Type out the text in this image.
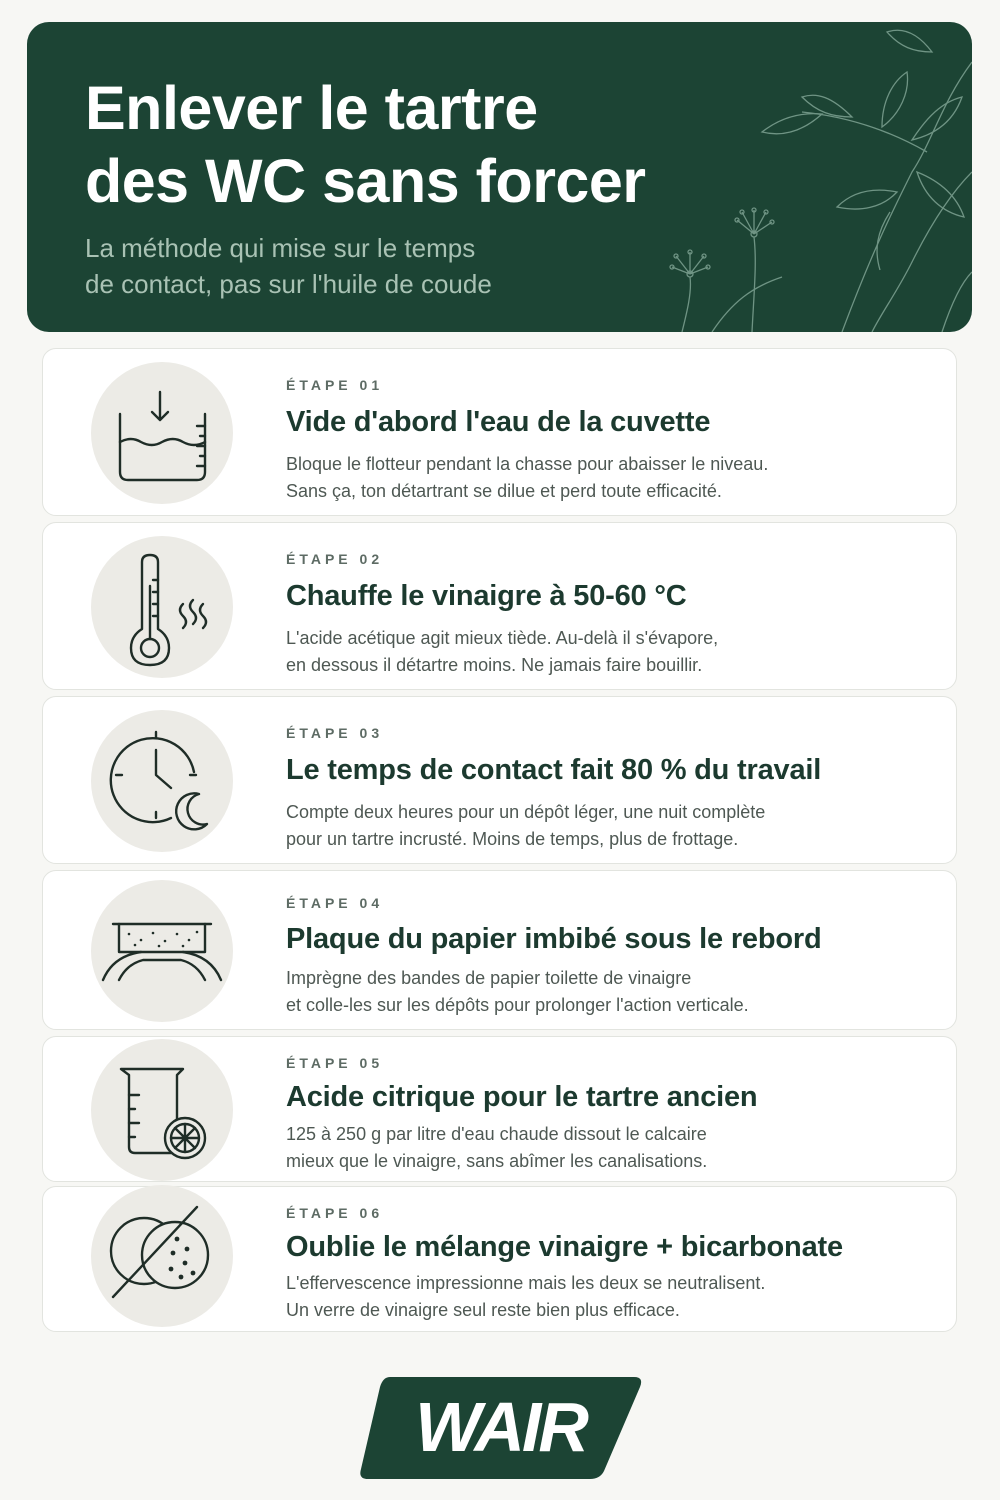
Enlever le tartre
des WC sans forcer
La méthode qui mise sur le temps
de contact, pas sur l'huile de coude
ÉTAPE 01
Vide d'abord l'eau de la cuvette
Bloque le flotteur pendant la chasse pour abaisser le niveau.
Sans ça, ton détartrant se dilue et perd toute efficacité.
ÉTAPE 02
Chauffe le vinaigre à 50-60 °C
L'acide acétique agit mieux tiède. Au-delà il s'évapore,
en dessous il détartre moins. Ne jamais faire bouillir.
ÉTAPE 03
Le temps de contact fait 80 % du travail
Compte deux heures pour un dépôt léger, une nuit complète
pour un tartre incrusté. Moins de temps, plus de frottage.
ÉTAPE 04
Plaque du papier imbibé sous le rebord
Imprègne des bandes de papier toilette de vinaigre
et colle-les sur les dépôts pour prolonger l'action verticale.
ÉTAPE 05
Acide citrique pour le tartre ancien
125 à 250 g par litre d'eau chaude dissout le calcaire
mieux que le vinaigre, sans abîmer les canalisations.
ÉTAPE 06
Oublie le mélange vinaigre + bicarbonate
L'effervescence impressionne mais les deux se neutralisent.
Un verre de vinaigre seul reste bien plus efficace.
WAIR
